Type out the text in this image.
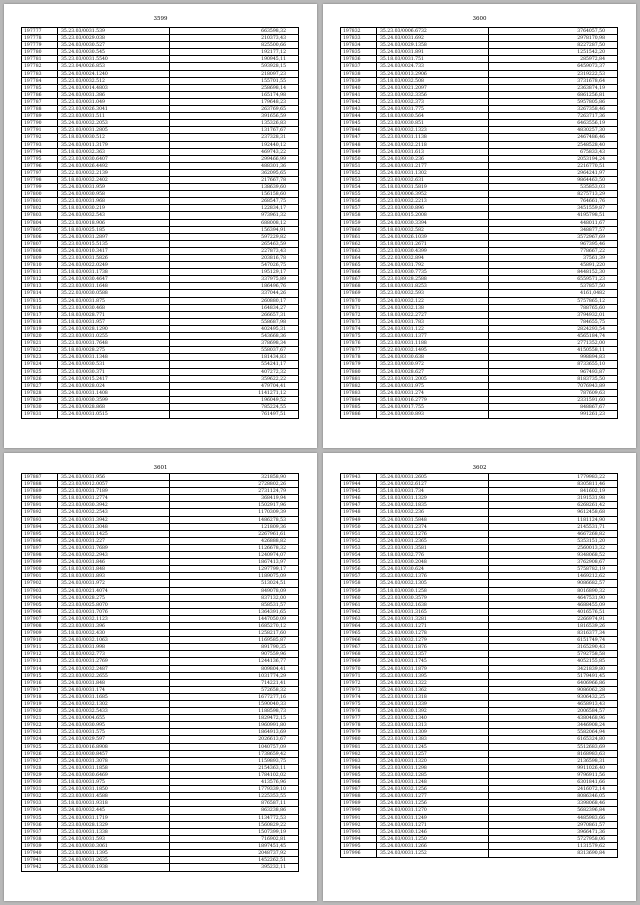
3599
197777	35.23.03/0031.539	663598,32
197778	35.23.03/0029.038	210373,43
197779	35.24.03/0030.527	825500,66
197780	35.24.03/0030.545	192177,12
197781	35.23.03/0031.5540	190945,11
197782	35.23.04/0026.853	593928,15
197783	35.24.03/0024.1240	218097,23
197784	35.23.03/0032.512	155701,55
197785	35.24.03/0014.4803	258698,14
197786	35.24.03/0031.386	165174,98
197787	35.23.03/0031.049	179648,23
197788	35.23.03/0026.3041	263769,65
197789	35.23.03/0031.511	391656,59
197790	35.24.03/0032.2053	135326,83
197791	35.23.03/0031.2805	131767,67
197792	35.18.03/0030.512	237328,31
197793	35.24.03/0011.3179	192440,12
197794	35.18.03/0032.363	469743,22
197795	35.23.03/0030.6407	299466,99
197796	35.24.03/0026.4492	488301,36
197797	35.22.03/0032.2139	362095,65
197798	35.18.03/0032.2402	217667,78
197799	35.24.03/0031.959	138639,60
197800	35.24.03/0030.958	156158,60
197801	35.23.03/0031.968	268547,75
197802	35.18.03/0030.219	122834,17
197803	35.24.03/0032.543	973961,32
197804	35.23.03/0018.906	688008,12
197805	35.18.03/0025.185	156394,91
197806	35.24.03/0031.2897	597229,82
197807	35.23.03/0015.5135	265463,59
197808	35.24.03/0010.3417	227873,43
197809	35.23.03/0031.5826	203816,78
197810	35.24.03/0022.0249	547026,75
197811	35.18.03/0031.1738	195129,17
197812	35.24.03/0030.4647	337975,89
197813	35.23.03/0031.1648	186496,76
197814	35.22.03/0030.0588	337044,26
197815	35.24.03/0031.875	260880,17
197816	35.23.03/0030.468	164834,27
197817	35.18.03/0028.771	266657,31
197818	35.18.03/0031.957	558687,98
197819	35.24.03/0028.1290	402495,31
197820	35.23.03/0031.0255	543668,36
197821	35.23.03/0031.7648	378698,34
197822	35.18.03/0028.275	558037,67
197823	35.24.03/0031.1348	181434,83
197824	35.24.03/0030.531	554241,17
197825	35.23.03/0030.371	407272,32
197826	35.24.03/0015.2417	359622,22
197827	35.24.03/0028.024	479704,41
197828	35.24.03/0031.1408	1141271,12
197829	35.23.03/0030.3599	196049,52
197830	35.24.03/0028.868	785224,55
197831	35.24.03/0031.0515	761497,51
3600
197832	35.23.03/0006.6732	3764057,50
197833	35.24.03/0031.692	2978170,98
197834	35.24.03/0029.1358	8227287,50
197835	35.24.03/0031.891	1251542,20
197836	35.18.03/0031.751	285972,84
197837	35.24.03/0024.733	6459073,37
197838	35.24.03/0013.2906	2319222,53
197839	35.18.03/0032.508	3731678,64
197840	35.24.03/0021.2097	2363874,19
197841	35.23.03/0032.3356	6861256,81
197842	35.23.03/0032.373	5957805,86
197843	35.24.03/0031.775	3267358,46
197844	35.18.03/0030.564	7263717,36
197845	35.23.03/0030.851	6463556,19
197846	35.24.03/0032.1323	4830257,30
197847	35.23.03/0031.1138	2467486,46
197848	35.24.03/0032.2118	2548528,40
197849	35.24.03/0031.613	675833,43
197850	35.24.03/0030.236	2053194,24
197851	35.24.03/0031.2177	2216770,51
197852	35.24.03/0031.1302	2964241,97
197853	35.23.03/0032.631	9864463,50
197854	35.18.03/0031.5819	535853,03
197855	35.24.03/0006.3952	8275713,29
197856	35.23.03/0032.2213	764661,76
197857	35.23.03/0030.896	3451559,87
197858	35.23.03/0015.2008	4195798,51
197859	35.24.03/0030.3394	448011,67
197860	35.18.03/0032.582	348877,57
197861	35.24.03/0026.1039	3572967,69
197862	35.18.03/0031.2671	967395,46
197863	35.23.03/0030.4399	778667,22
197864	35.22.03/0032.894	37561,39
197865	35.24.03/0031.792	45891,220
197866	35.23.03/0030.7735	8448152,30
197867	35.23.03/0028.2588	6559571,23
197868	35.18.03/0031.8253	537857,50
197869	35.23.03/0032.593	4161,0482
197870	35.24.03/0032.122	5757865,12
197871	35.24.03/0032.138	788765,60
197872	35.18.03/0022.2727	3794932,01
197873	35.24.03/0031.783	784655,75
197874	35.24.03/0031.122	2824293,54
197875	35.23.03/0031.1377	4565184,74
197876	35.23.03/0031.1188	2771352,00
197877	35.22.03/0032.1495	4150558,11
197878	35.24.03/0030.638	998894,83
197879	35.23.03/0030.972	8733655,10
197880	35.24.03/0028.627	967493,87
197881	35.23.03/0031.2005	8183735,50
197882	35.24.03/0031.975	7076943,89
197883	35.24.03/0031.274	787609,63
197884	35.18.03/0016.2779	2331591,60
197885	35.24.03/0017.755	848867,67
197886	35.24.03/0030.893	991261,23
3601
197887	35.24.03/0031.956	321858,90
197888	35.23.03/0012.0057	2728802,26
197889	35.23.03/0031.7189	2731124,79
197890	35.18.03/0031.2774	368419,94
197891	35.23.03/0030.3942	1502917,96
197892	35.24.03/0032.2543	1170309,39
197893	35.24.03/0031.3942	1486278,53
197894	35.24.03/0031.3048	121809,36
197895	35.24.03/0031.1425	2267961,61
197896	35.24.03/0031.227	426888,82
197897	35.24.03/0031.7689	1126678,32
197898	35.24.03/0032.2943	1240974,07
197899	35.24.03/0031.846	1867413,97
197900	35.18.03/0031.848	1297799,17
197901	35.18.03/0031.893	1189075,09
197902	35.24.03/0031.972	513024,51
197903	35.24.03/0021.4074	849078,09
197904	35.24.03/0028.275	837132,00
197905	35.23.03/0025.8070	858531,57
197906	35.23.03/0031.7076	1364391,65
197907	35.24.03/0032.1123	1447050,09
197908	35.23.03/0031.396	1685270,12
197909	35.18.03/0032.430	1258217,60
197910	35.24.03/0032.1063	1169585,87
197911	35.23.03/0031.998	891790,35
197912	35.18.03/0032.773	907559,96
197913	35.23.03/0031.2769	1244136,77
197914	35.24.03/0032.2487	809804,41
197915	35.23.03/0032.2655	1031774,29
197916	35.24.03/0031.848	714221,41
197917	35.24.03/0031.174	572658,32
197918	35.24.03/0031.1685	1677277,16
197919	35.24.03/0032.1302	1590040,33
197920	35.24.03/0032.5433	1188598,73
197921	35.24.03/0004.655	1829472,15
197922	35.24.03/0030.995	1960991,80
197923	35.23.03/0031.575	1864913,69
197924	35.24.03/0029.597	2026613,67
197925	35.23.03/0016.8908	1040757,09
197926	35.23.03/0030.8457	1738659,42
197927	35.24.03/0031.3078	1159893,75
197928	35.24.03/0031.1858	2154363,11
197929	35.24.03/0030.6469	1784102,02
197930	35.18.03/0031.975	413576,96
197931	35.24.03/0031.1850	1779339,10
197932	35.23.03/0031.4588	1225353,55
197933	35.18.03/0031.9318	876587,11
197934	35.24.03/0032.445	863238,86
197935	35.24.03/0031.1719	1134772,53
197936	35.23.03/0028.1329	1560829,22
197937	35.23.03/0031.1338	1507399,19
197938	35.24.03/0031.593	716902,81
197939	35.24.03/0030.3061	1897451,45
197940	35.23.03/0031.1395	2048737,92
197941	35.24.03/0031.2635	1452262,51
197942	35.24.03/0030.1938	395232,11
3602
197943	35.24.03/0031.2605	1779983,22
197944	35.24.03/0032.6127	8305811,46
197945	35.18.03/0031.734	841602,19
197946	35.18.03/0031.1329	3191531,98
197947	35.24.03/0032.1835	6268261,42
197948	35.18.03/0032.236	9612458,68
197949	35.24.03/0031.5848	1181124,90
197950	35.24.03/0031.2374	2145531,71
197951	35.23.03/0032.1276	4667268,82
197952	35.24.03/0031.2365	5353151,20
197953	35.23.03/0031.3581	2560013,32
197954	35.18.03/0032.776	9348068,52
197955	35.23.03/0030.2048	3762908,67
197956	35.24.03/0030.624	5758782,19
197957	35.23.03/0032.1376	1469212,62
197958	35.24.03/0032.1305	9086682,57
197959	35.18.03/0030.1258	8016890,32
197960	35.23.03/0030.3579	4647531,90
197961	35.24.03/0032.1638	4688455,09
197962	35.24.03/0031.3165	4016576,51
197963	35.24.03/0031.3281	2266974,91
197964	35.24.03/0031.1271	1816539,26
197965	35.24.03/0030.1278	8316377,34
197966	35.23.03/0032.1279	6151749,74
197967	35.18.03/0031.1876	3165290,43
197968	35.23.03/0032.1357	5792758,58
197969	35.24.03/0031.1745	4052155,85
197970	35.24.03/0031.1879	3421839,80
197971	35.23.03/0031.1395	5179491,45
197972	35.24.03/0032.1322	6406966,86
197973	35.24.03/0031.1362	9086062,28
197974	35.23.03/0031.1318	9306432,25
197975	35.24.03/0031.1339	4658913,43
197976	35.24.03/0030.1392	2006584,57
197977	35.23.03/0032.1340	4380468,96
197978	35.23.03/0031.1313	3446908,24
197979	35.23.03/0031.1309	5582064,94
197980	35.23.03/0031.1383	6165324,80
197981	35.23.03/0031.1245	5512683,69
197982	35.24.03/0031.1257	8168983,63
197983	35.24.03/0031.1320	2136598,31
197984	35.23.03/0031.1298	9911026,40
197985	35.23.03/0032.1285	9796911,56
197986	35.24.03/0031.1248	6301841,66
197987	35.24.03/0032.1256	2416072,14
197988	35.24.03/0031.1277	8086346,05
197989	35.24.03/0031.1256	3398068,46
197990	35.24.03/0031.1270	5682396,84
197991	35.24.03/0031.1249	4485983,66
197992	35.24.03/0031.1271	2970861,57
197993	35.24.03/0030.1246	3966471,36
197994	35.24.03/0031.1250	5727958,06
197995	35.24.03/0031.1266	1131579,62
197996	35.24.03/0031.1252	8313690,84
